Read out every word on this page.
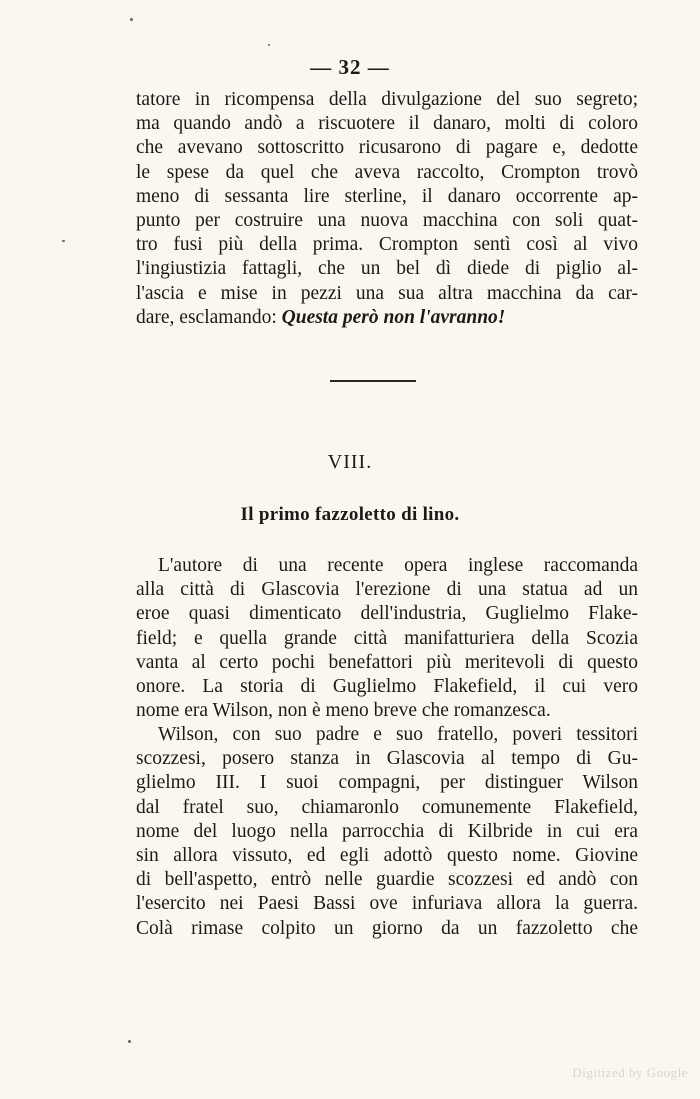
— 32 —
tatore in ricompensa della divulgazione del suo segreto;
ma quando andò a riscuotere il danaro, molti di coloro
che avevano sottoscritto ricusarono di pagare e, dedotte
le spese da quel che aveva raccolto, Crompton trovò
meno di sessanta lire sterline, il danaro occorrente ap-
punto per costruire una nuova macchina con soli quat-
tro fusi più della prima. Crompton sentì così al vivo
l'ingiustizia fattagli, che un bel dì diede di piglio al-
l'ascia e mise in pezzi una sua altra macchina da car-
dare, esclamando: Questa però non l'avranno!
VIII.
Il primo fazzoletto di lino.
L'autore di una recente opera inglese raccomanda
alla città di Glascovia l'erezione di una statua ad un
eroe quasi dimenticato dell'industria, Guglielmo Flake-
field; e quella grande città manifatturiera della Scozia
vanta al certo pochi benefattori più meritevoli di questo
onore. La storia di Guglielmo Flakefield, il cui vero
nome era Wilson, non è meno breve che romanzesca.
Wilson, con suo padre e suo fratello, poveri tessitori
scozzesi, posero stanza in Glascovia al tempo di Gu-
glielmo III. I suoi compagni, per distinguer Wilson
dal fratel suo, chiamaronlo comunemente Flakefield,
nome del luogo nella parrocchia di Kilbride in cui era
sin allora vissuto, ed egli adottò questo nome. Giovine
di bell'aspetto, entrò nelle guardie scozzesi ed andò con
l'esercito nei Paesi Bassi ove infuriava allora la guerra.
Colà rimase colpito un giorno da un fazzoletto che
Digitized by Google
